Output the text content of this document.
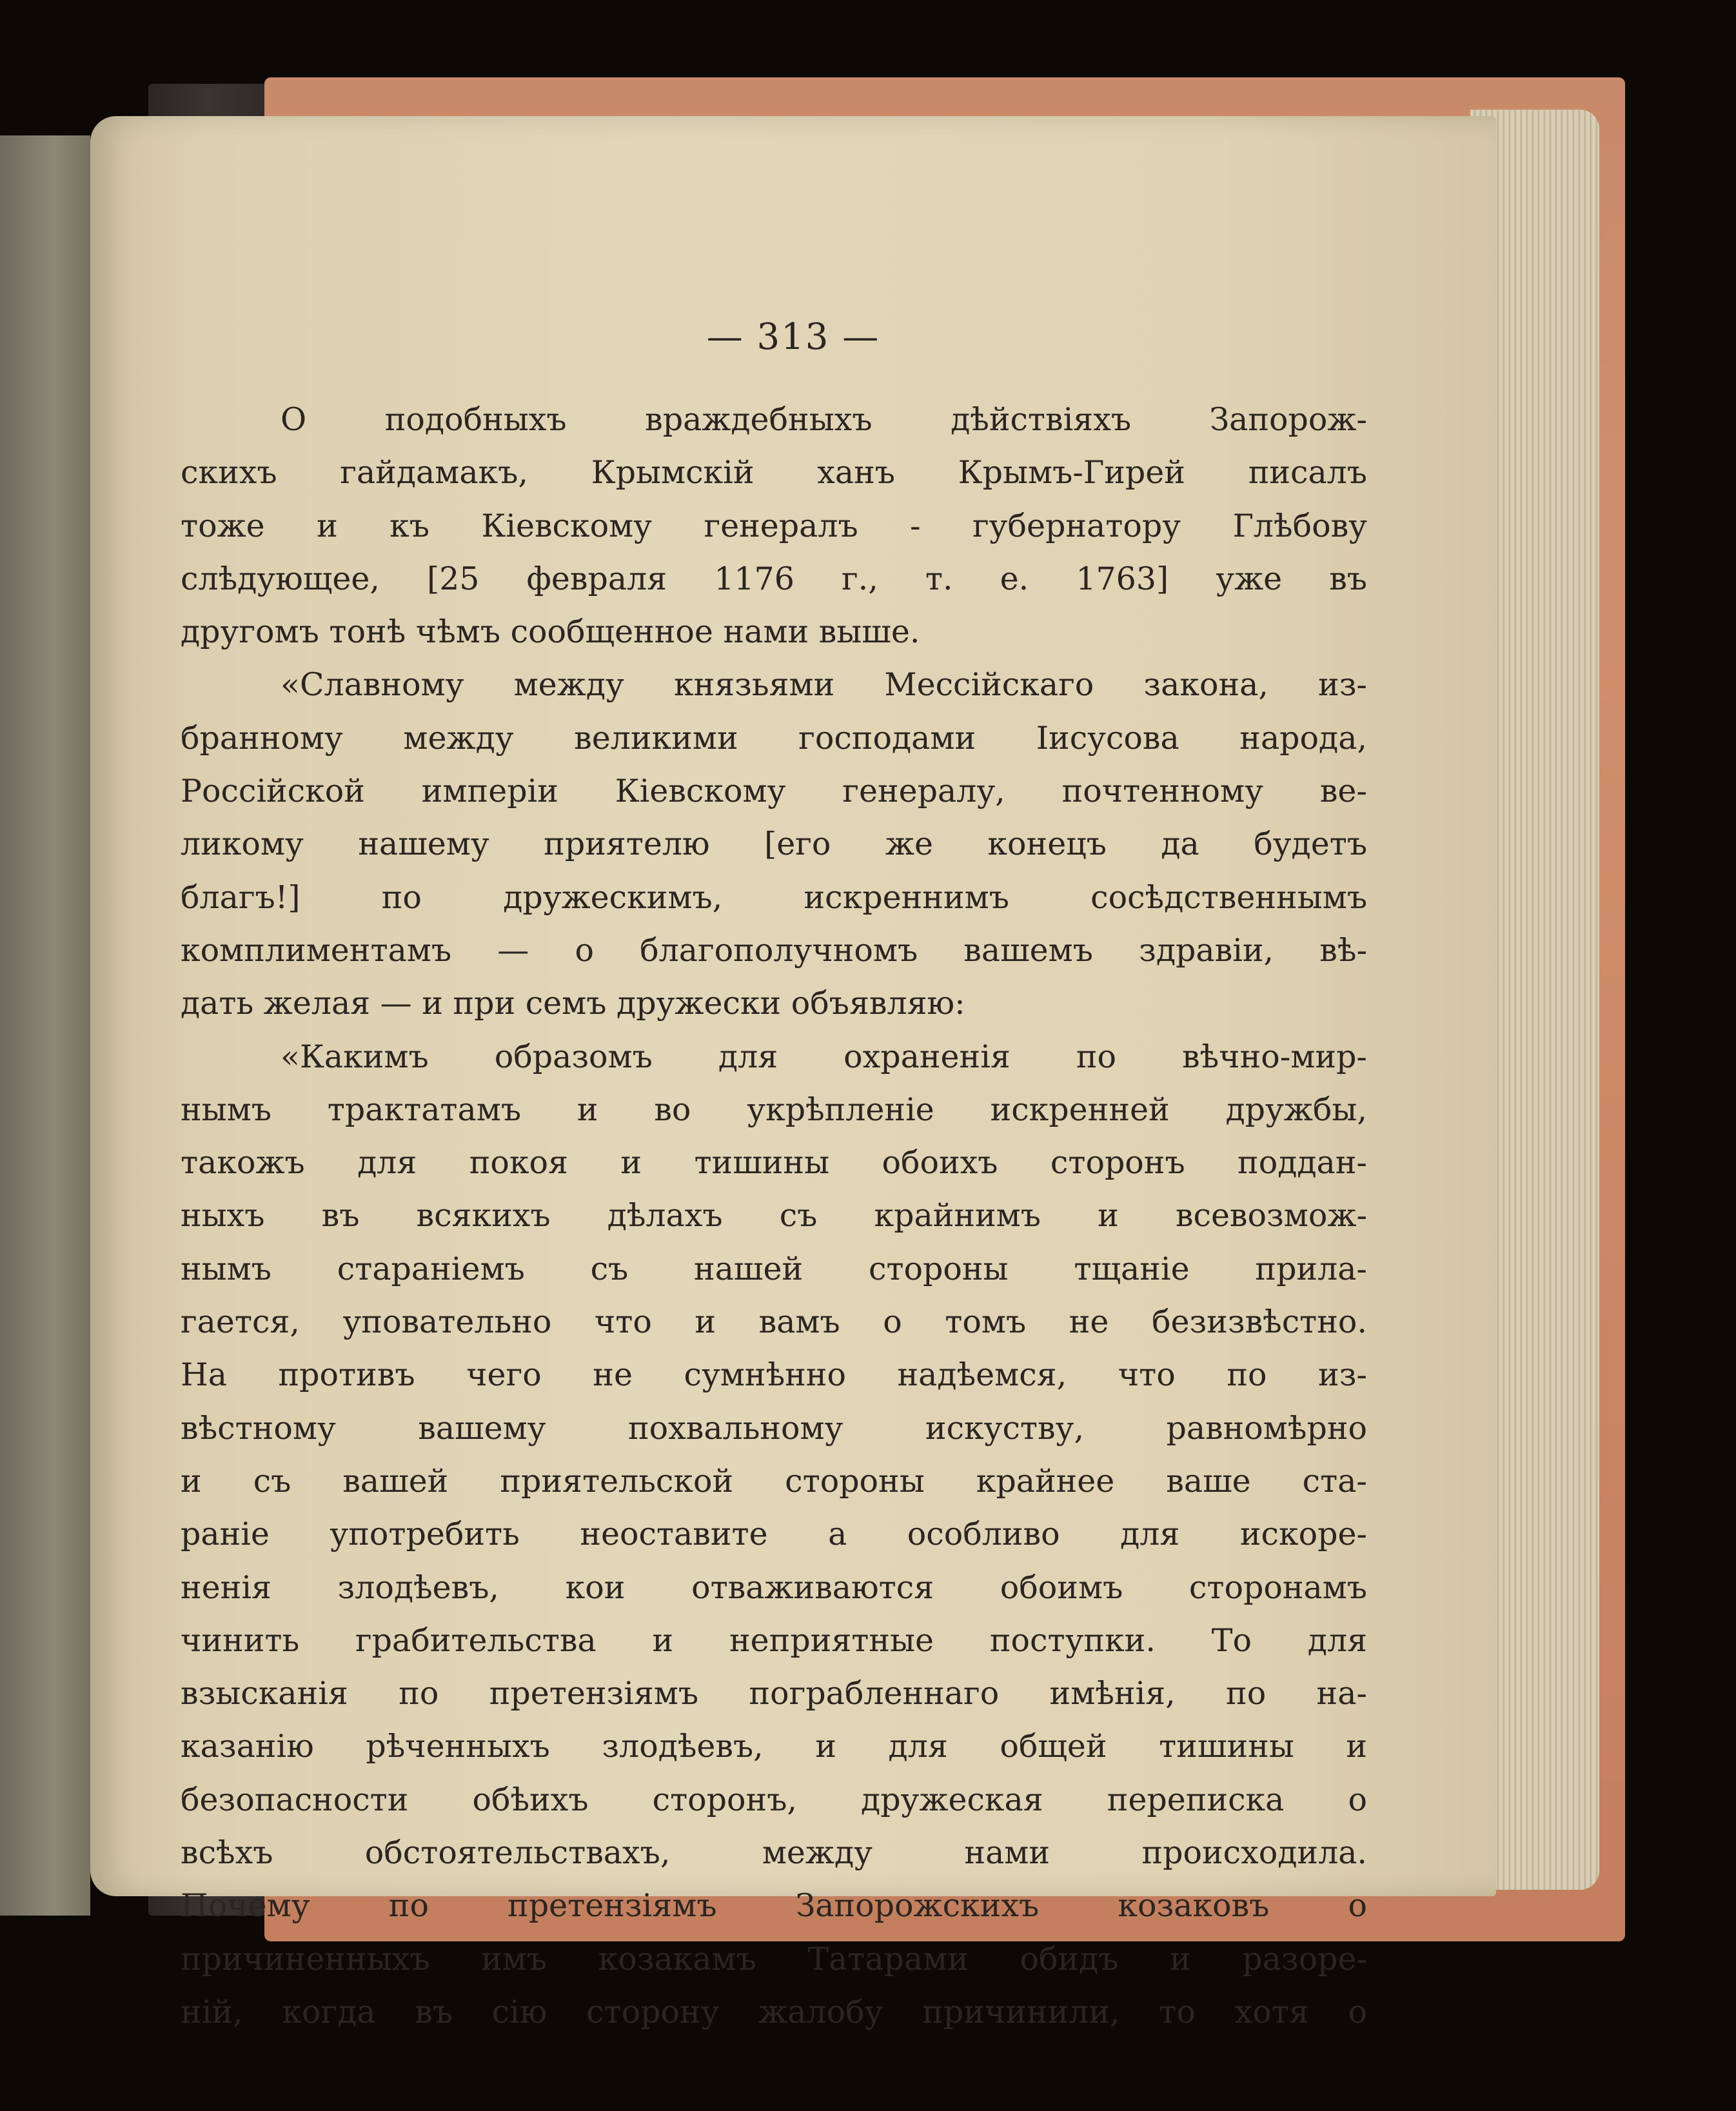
— 313 —
О подобныхъ враждебныхъ дѣйствіяхъ Запорож-
скихъ гайдамакъ, Крымскій ханъ Крымъ-Гирей писалъ
тоже и къ Кіевскому генералъ - губернатору Глѣбову
слѣдующее, [25 февраля 1176 г., т. е. 1763] уже въ
другомъ тонѣ чѣмъ сообщенное нами выше.
«Славному между князьями Мессійскаго закона, из-
бранному между великими господами Іисусова народа,
Россійской имперіи Кіевскому генералу, почтенному ве-
ликому нашему приятелю [его же конецъ да будетъ
благъ!] по дружескимъ, искреннимъ сосѣдственнымъ
комплиментамъ — о благополучномъ вашемъ здравіи, вѣ-
дать желая — и при семъ дружески объявляю:
«Какимъ образомъ для охраненія по вѣчно-мир-
нымъ трактатамъ и во укрѣпленіе искренней дружбы,
такожъ для покоя и тишины обоихъ сторонъ поддан-
ныхъ въ всякихъ дѣлахъ съ крайнимъ и всевозмож-
нымъ стараніемъ съ нашей стороны тщаніе прила-
гается, уповательно что и вамъ о томъ не безизвѣстно.
На противъ чего не сумнѣнно надѣемся, что по из-
вѣстному вашему похвальному искуству, равномѣрно
и съ вашей приятельской стороны крайнее ваше ста-
раніе употребить неоставите а особливо для искоре-
ненія злодѣевъ, кои отваживаются обоимъ сторонамъ
чинить грабительства и неприятные поступки. То для
взысканія по претензіямъ пограбленнаго имѣнія, по на-
казанію рѣченныхъ злодѣевъ, и для общей тишины и
безопасности обѣихъ сторонъ, дружеская переписка о
всѣхъ обстоятельствахъ, между нами происходила.
Почему по претензіямъ Запорожскихъ козаковъ о
причиненныхъ имъ козакамъ Татарами обидъ и разоре-
ній, когда въ сію сторону жалобу причинили, то хотя о
